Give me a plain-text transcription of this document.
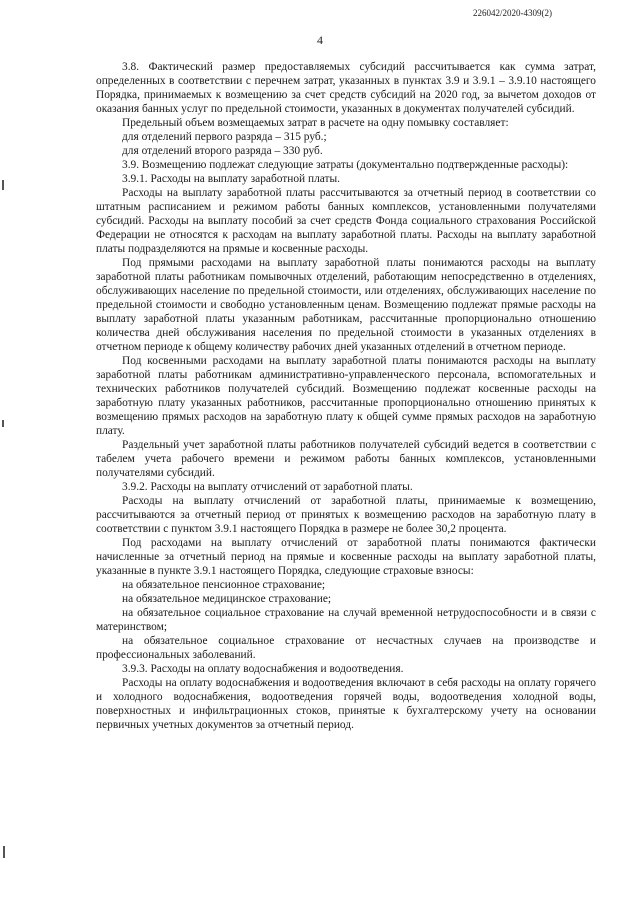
226042/2020-4309(2)
4

3.8. Фактический размер предоставляемых субсидий рассчитывается как сумма затрат, определенных в соответствии с перечнем затрат, указанных в пунктах 3.9 и 3.9.1 – 3.9.10 настоящего Порядка, принимаемых к возмещению за счет средств субсидий на 2020 год, за вычетом доходов от оказания банных услуг по предельной стоимости, указанных в документах получателей субсидий.

Предельный объем возмещаемых затрат в расчете на одну помывку составляет:

для отделений первого разряда – 315 руб.;

для отделений второго разряда – 330 руб.

3.9. Возмещению подлежат следующие затраты (документально подтвержденные расходы):

3.9.1. Расходы на выплату заработной платы.

Расходы на выплату заработной платы рассчитываются за отчетный период в соответствии со штатным расписанием и режимом работы банных комплексов, установленными получателями субсидий. Расходы на выплату пособий за счет средств Фонда социального страхования Российской Федерации не относятся к расходам на выплату заработной платы. Расходы на выплату заработной платы подразделяются на прямые и косвенные расходы.

Под прямыми расходами на выплату заработной платы понимаются расходы на выплату заработной платы работникам помывочных отделений, работающим непосредственно в отделениях, обслуживающих население по предельной стоимости, или отделениях, обслуживающих население по предельной стоимости и свободно установленным ценам. Возмещению подлежат прямые расходы на выплату заработной платы указанным работникам, рассчитанные пропорционально отношению количества дней обслуживания населения по предельной стоимости в указанных отделениях в отчетном периоде к общему количеству рабочих дней указанных отделений в отчетном периоде.

Под косвенными расходами на выплату заработной платы понимаются расходы на выплату заработной платы работникам административно-управленческого персонала, вспомогательных и технических работников получателей субсидий. Возмещению подлежат косвенные расходы на заработную плату указанных работников, рассчитанные пропорционально отношению принятых к возмещению прямых расходов на заработную плату к общей сумме прямых расходов на заработную плату.

Раздельный учет заработной платы работников получателей субсидий ведется в соответствии с табелем учета рабочего времени и режимом работы банных комплексов, установленными получателями субсидий.

3.9.2. Расходы на выплату отчислений от заработной платы.

Расходы на выплату отчислений от заработной платы, принимаемые к возмещению, рассчитываются за отчетный период от принятых к возмещению расходов на заработную плату в соответствии с пунктом 3.9.1 настоящего Порядка в размере не более 30,2 процента.

Под расходами на выплату отчислений от заработной платы понимаются фактически начисленные за отчетный период на прямые и косвенные расходы на выплату заработной платы, указанные в пункте 3.9.1 настоящего Порядка, следующие страховые взносы:

на обязательное пенсионное страхование;

на обязательное медицинское страхование;

на обязательное социальное страхование на случай временной нетрудоспособности и в связи с материнством;

на обязательное социальное страхование от несчастных случаев на производстве и профессиональных заболеваний.

3.9.3. Расходы на оплату водоснабжения и водоотведения.

Расходы на оплату водоснабжения и водоотведения включают в себя расходы на оплату горячего и холодного водоснабжения, водоотведения горячей воды, водоотведения холодной воды, поверхностных и инфильтрационных стоков, принятые к бухгалтерскому учету на основании первичных учетных документов за отчетный период.
